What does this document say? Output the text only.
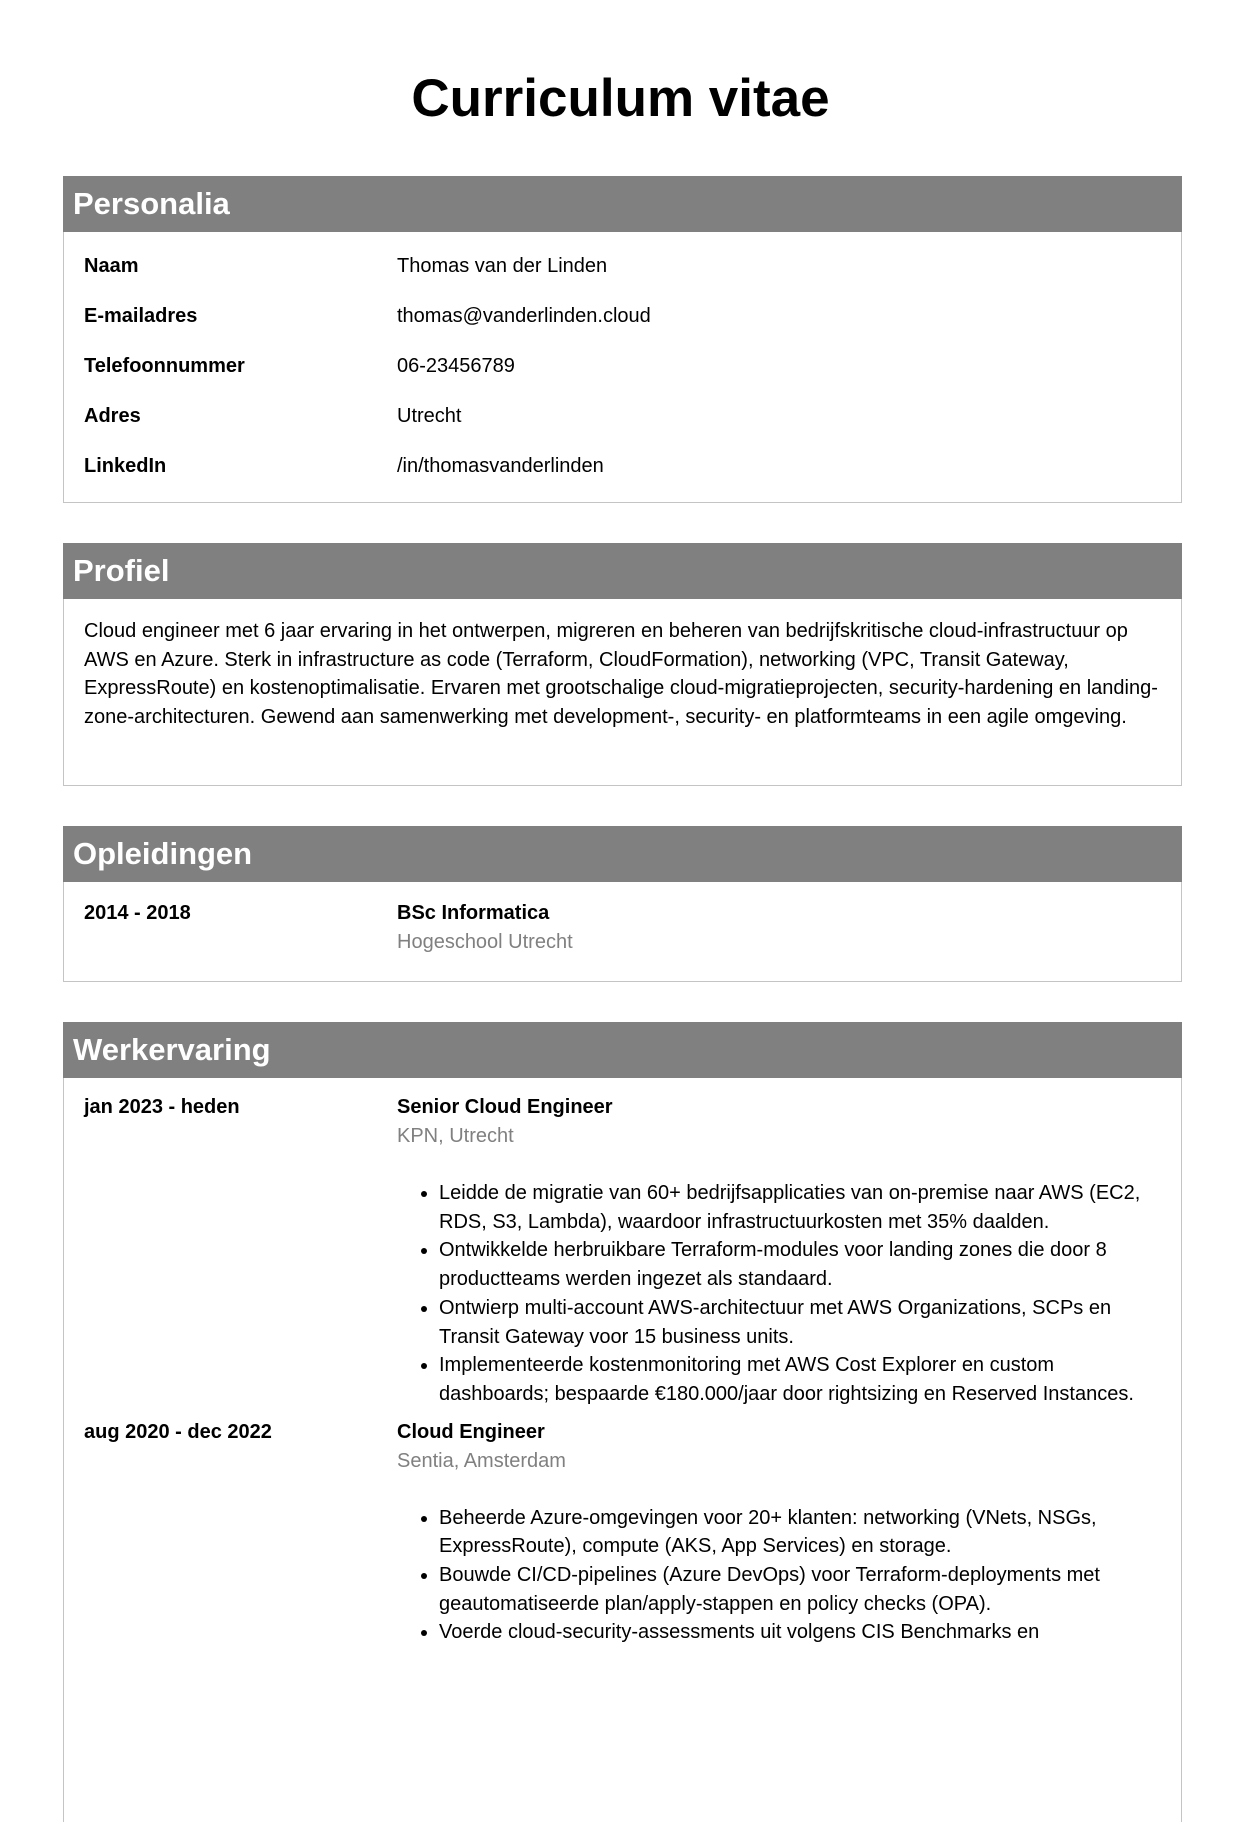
Curriculum vitae
Personalia
Naam	Thomas van der Linden
E-mailadres	thomas@vanderlinden.cloud
Telefoonnummer	06-23456789
Adres	Utrecht
LinkedIn	/in/thomasvanderlinden
Profiel

Cloud engineer met 6 jaar ervaring in het ontwerpen, migreren en beheren van bedrijfskritische cloud-infrastructuur op AWS en Azure. Sterk in infrastructure as code (Terraform, CloudFormation), networking (VPC, Transit Gateway, ExpressRoute) en kostenoptimalisatie. Ervaren met grootschalige cloud-migratieprojecten, security-hardening en landing-zone-architecturen. Gewend aan samenwerking met development-, security- en platformteams in een agile omgeving.

Opleidingen
2014 - 2018	BSc Informatica
Hogeschool Utrecht
Werkervaring
jan 2023 - heden	Senior Cloud Engineer
KPN, Utrecht
• Leidde de migratie van 60+ bedrijfsapplicaties van on-premise naar AWS (EC2, RDS, S3, Lambda), waardoor infrastructuurkosten met 35% daalden.
• Ontwikkelde herbruikbare Terraform-modules voor landing zones die door 8 productteams werden ingezet als standaard.
• Ontwierp multi-account AWS-architectuur met AWS Organizations, SCPs en Transit Gateway voor 15 business units.
• Implementeerde kostenmonitoring met AWS Cost Explorer en custom dashboards; bespaarde €180.000/jaar door rightsizing en Reserved Instances.
aug 2020 - dec 2022	Cloud Engineer
Sentia, Amsterdam
• Beheerde Azure-omgevingen voor 20+ klanten: networking (VNets, NSGs, ExpressRoute), compute (AKS, App Services) en storage.
• Bouwde CI/CD-pipelines (Azure DevOps) voor Terraform-deployments met geautomatiseerde plan/apply-stappen en policy checks (OPA).
• Voerde cloud-security-assessments uit volgens CIS Benchmarks en
